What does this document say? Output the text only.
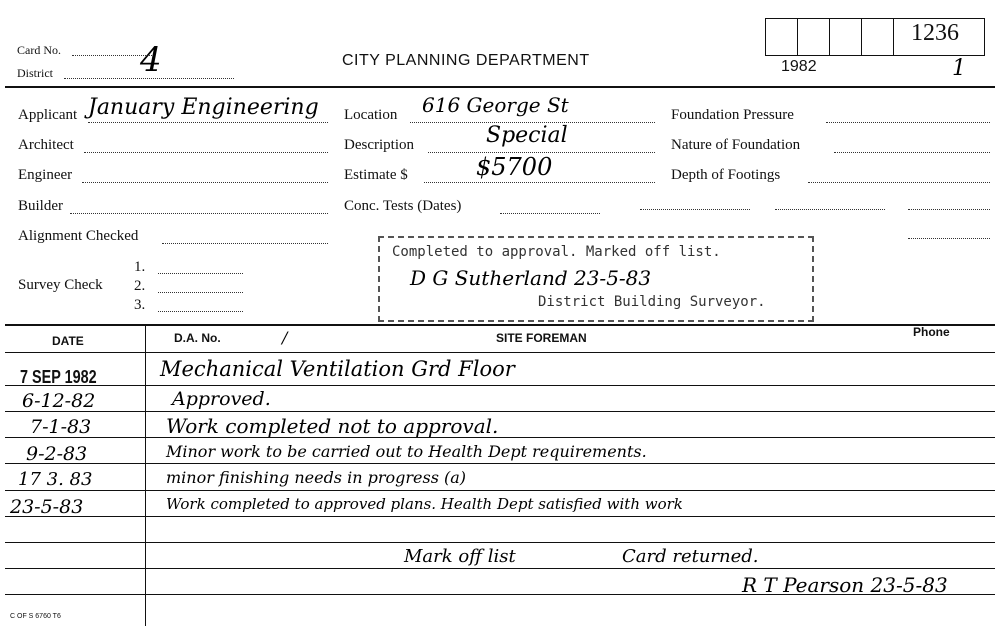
Card No.
District	4	CITY PLANNING DEPARTMENT	1982	1
1236
Applicant January Engineering
Architect
Engineer
Builder
Alignment Checked
Survey Check
1.
2.
3.
Location 616 George St
Description	Special
Estimate $	$5700
Conc. Tests (Dates)
Foundation Pressure
Nature of Foundation
Depth of Footings
Completed to approval. Marked off list.
D G Sutherland 23-5-83
District Building Surveyor.
DATE	D.A. No.	/	SITE FOREMAN	Phone
7 SEP 1982	Mechanical Ventilation Grd Floor
6-12-82	Approved.
7-1-83	Work completed not to approval.
9-2-83	Minor work to be carried out to Health Dept requirements.
17 3. 83	minor finishing needs in progress (a)
23-5-83	Work completed to approved plans. Health Dept satisfied with work
Mark off list	Card returned.
R T Pearson 23-5-83
C OF S 6760 T6
